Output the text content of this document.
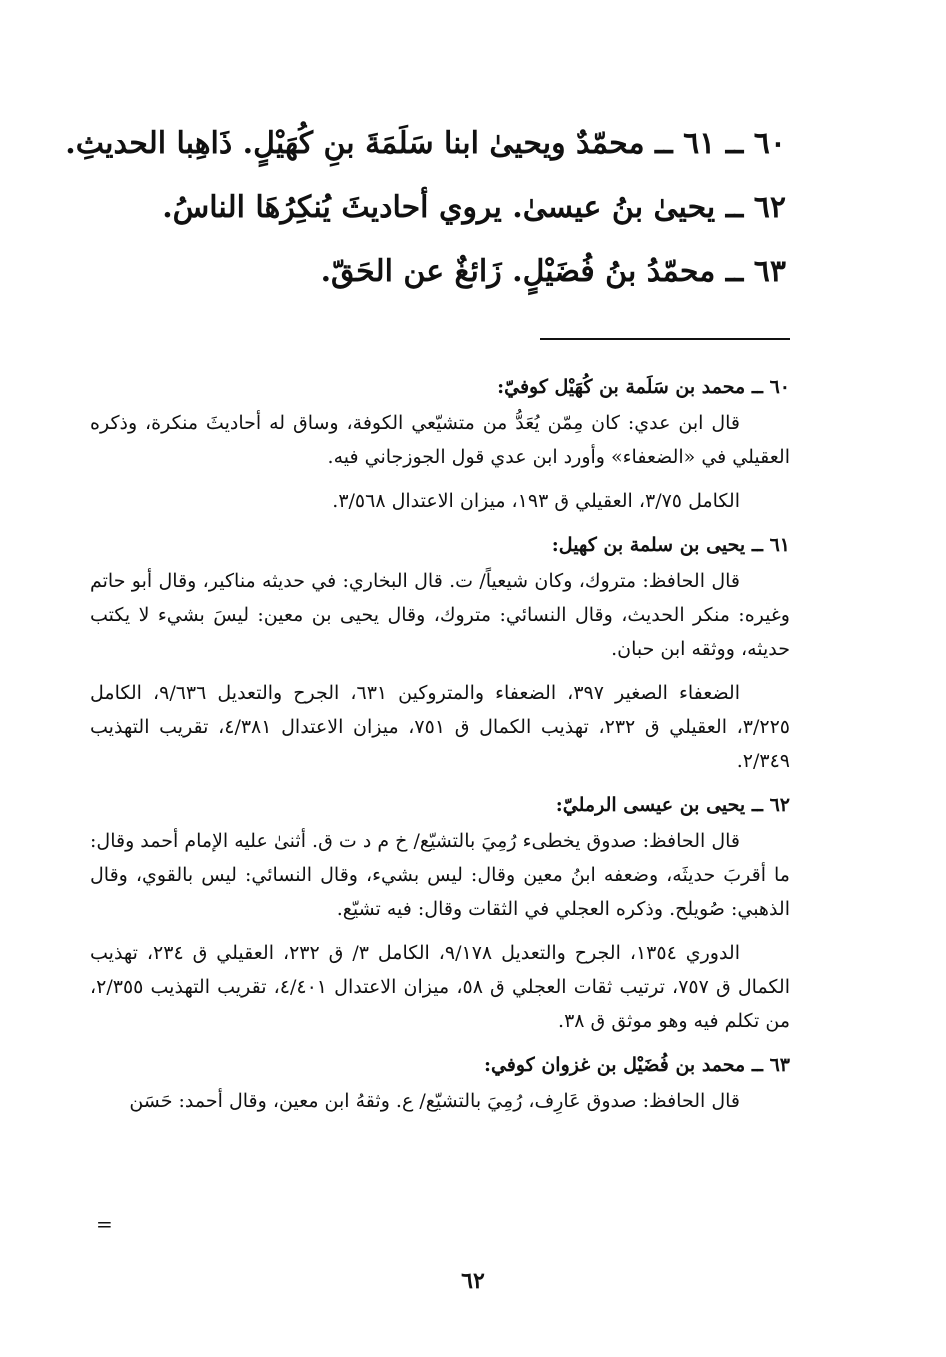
٦٠ ــ ٦١ ــ محمّدٌ ويحيىٰ ابنا سَلَمَةَ بنِ كُهَيْلٍ. ذَاهِبا الحديثِ.
٦٢ ــ يحيىٰ بنُ عيسىٰ. يروي أحاديثَ يُنكِرُهَا الناسُ.
٦٣ ــ محمّدُ بنُ فُضَيْلٍ. زَائغٌ عن الحَقّ.
٦٠ ــ محمد بن سَلَمة بن كُهَيْل كوفيّ:

قال ابن عدي: كان مِمّن يُعَدُّ من متشيّعي الكوفة، وساق له أحاديثَ منكرة، وذكره العقيلي في «الضعفاء» وأورد ابن عدي قول الجوزجاني فيه.

الكامل ٣/٧٥، العقيلي ق ١٩٣، ميزان الاعتدال ٣/٥٦٨.
٦١ ــ يحيى بن سلمة بن كهيل:

قال الحافظ: متروك، وكان شيعياً/ ت. قال البخاري: في حديثه مناكير، وقال أبو حاتم وغيره: منكر الحديث، وقال النسائي: متروك، وقال يحيى بن معين: ليسَ بشيء لا يكتب حديثه، ووثقه ابن حبان.

الضعفاء الصغير ٣٩٧، الضعفاء والمتروكين ٦٣١، الجرح والتعديل ٩/٦٣٦، الكامل ٣/٢٢٥، العقيلي ق ٢٣٢، تهذيب الكمال ق ٧٥١، ميزان الاعتدال ٤/٣٨١، تقريب التهذيب ٢/٣٤٩.
٦٢ ــ يحيى بن عيسى الرمليّ:

قال الحافظ: صدوق يخطىء رُمِيَ بالتشيّع/ خ م د ت ق. أثنىٰ عليه الإمام أحمد وقال: ما أقربَ حديثَه، وضعفه ابنُ معين وقال: ليس بشيء، وقال النسائي: ليس بالقوي، وقال الذهبي: صُويلح. وذكره العجلي في الثقات وقال: فيه تشيّع.

الدوري ١٣٥٤، الجرح والتعديل ٩/١٧٨، الكامل ٣/ ق ٢٣٢، العقيلي ق ٢٣٤، تهذيب الكمال ق ٧٥٧، ترتيب ثقات العجلي ق ٥٨، ميزان الاعتدال ٤/٤٠١، تقريب التهذيب ٢/٣٥٥، من تكلم فيه وهو موثق ق ٣٨.
٦٣ ــ محمد بن فُضَيْل بن غزوان كوفي:

قال الحافظ: صدوق عَارِف، رُمِيَ بالتشيّع/ ع. وثقهُ ابن معين، وقال أحمد: حَسَن

=
٦٢
